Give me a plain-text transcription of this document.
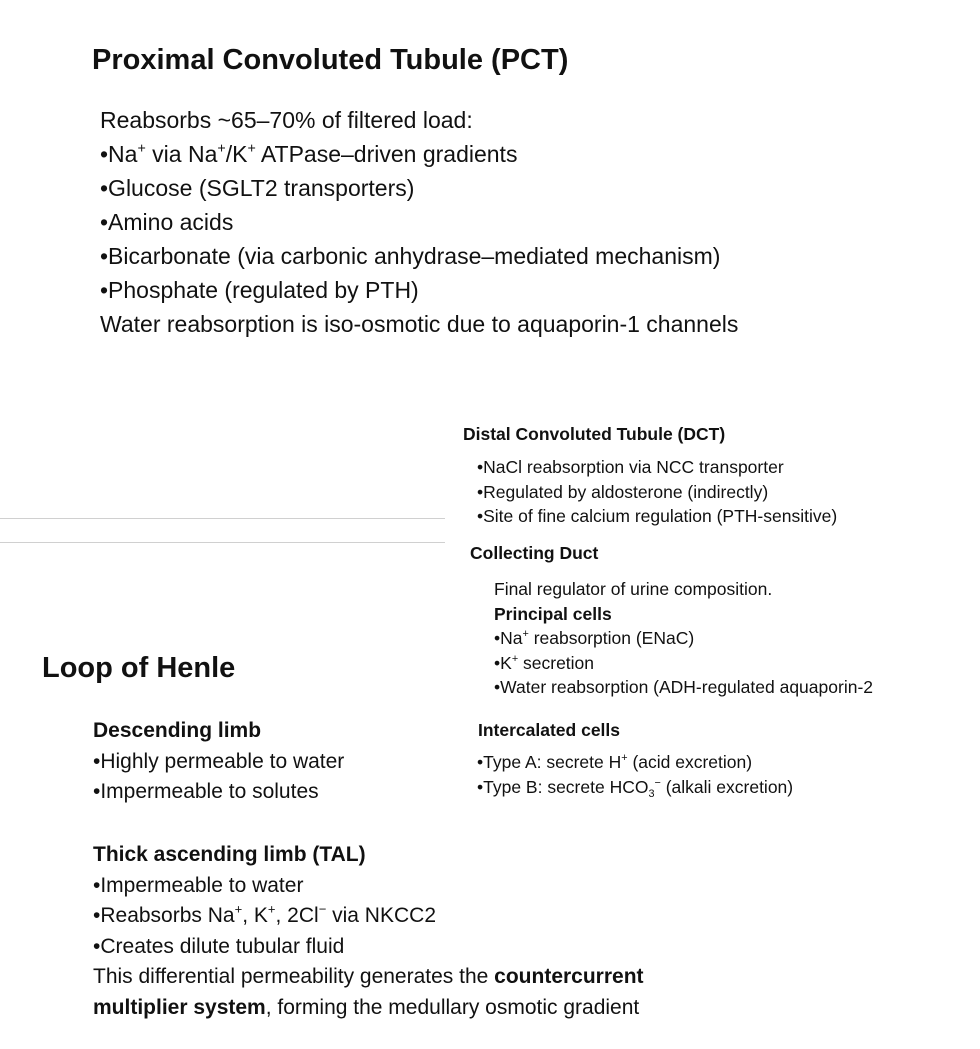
Proximal Convoluted Tubule (PCT)
Reabsorbs ~65–70% of filtered load:
•Na+ via Na+/K+ ATPase–driven gradients
•Glucose (SGLT2 transporters)
•Amino acids
•Bicarbonate (via carbonic anhydrase–mediated mechanism)
•Phosphate (regulated by PTH)
Water reabsorption is iso-osmotic due to aquaporin-1 channels
Distal Convoluted Tubule (DCT)
•NaCl reabsorption via NCC transporter
•Regulated by aldosterone (indirectly)
•Site of fine calcium regulation (PTH-sensitive)
Collecting Duct
Final regulator of urine composition.
Principal cells
•Na+ reabsorption (ENaC)
•K+ secretion
•Water reabsorption (ADH-regulated aquaporin-2
Intercalated cells
•Type A: secrete H+ (acid excretion)
•Type B: secrete $HCO_3^-$ (alkali excretion)
Loop of Henle
Descending limb
•Highly permeable to water
•Impermeable to solutes
Thick ascending limb (TAL)
•Impermeable to water
•Reabsorbs Na+, K+, 2Cl− via NKCC2
•Creates dilute tubular fluid
This differential permeability generates the countercurrent
multiplier system, forming the medullary osmotic gradient
